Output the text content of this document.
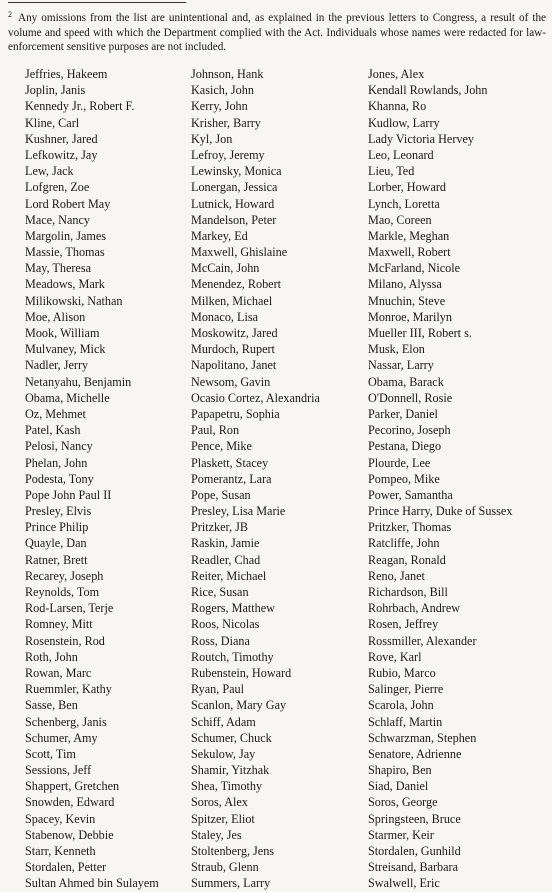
$^2$ Any omissions from the list are unintentional and, as explained in the previous letters to Congress, a result of the volume and speed with which the Department complied with the Act. Individuals whose names were redacted for law-enforcement sensitive purposes are not included.
Jeffries, Hakeem
Joplin, Janis
Kennedy Jr., Robert F.
Kline, Carl
Kushner, Jared
Lefkowitz, Jay
Lew, Jack
Lofgren, Zoe
Lord Robert May
Mace, Nancy
Margolin, James
Massie, Thomas
May, Theresa
Meadows, Mark
Milikowski, Nathan
Moe, Alison
Mook, William
Mulvaney, Mick
Nadler, Jerry
Netanyahu, Benjamin
Obama, Michelle
Oz, Mehmet
Patel, Kash
Pelosi, Nancy
Phelan, John
Podesta, Tony
Pope John Paul II
Presley, Elvis
Prince Philip
Quayle, Dan
Ratner, Brett
Recarey, Joseph
Reynolds, Tom
Rod-Larsen, Terje
Romney, Mitt
Rosenstein, Rod
Roth, John
Rowan, Marc
Ruemmler, Kathy
Sasse, Ben
Schenberg, Janis
Schumer, Amy
Scott, Tim
Sessions, Jeff
Shappert, Gretchen
Snowden, Edward
Spacey, Kevin
Stabenow, Debbie
Starr, Kenneth
Stordalen, Petter
Sultan Ahmed bin Sulayem
Johnson, Hank
Kasich, John
Kerry, John
Krisher, Barry
Kyl, Jon
Lefroy, Jeremy
Lewinsky, Monica
Lonergan, Jessica
Lutnick, Howard
Mandelson, Peter
Markey, Ed
Maxwell, Ghislaine
McCain, John
Menendez, Robert
Milken, Michael
Monaco, Lisa
Moskowitz, Jared
Murdoch, Rupert
Napolitano, Janet
Newsom, Gavin
Ocasio Cortez, Alexandria
Papapetru, Sophia
Paul, Ron
Pence, Mike
Plaskett, Stacey
Pomerantz, Lara
Pope, Susan
Presley, Lisa Marie
Pritzker, JB
Raskin, Jamie
Readler, Chad
Reiter, Michael
Rice, Susan
Rogers, Matthew
Roos, Nicolas
Ross, Diana
Routch, Timothy
Rubenstein, Howard
Ryan, Paul
Scanlon, Mary Gay
Schiff, Adam
Schumer, Chuck
Sekulow, Jay
Shamir, Yitzhak
Shea, Timothy
Soros, Alex
Spitzer, Eliot
Staley, Jes
Stoltenberg, Jens
Straub, Glenn
Summers, Larry
Jones, Alex
Kendall Rowlands, John
Khanna, Ro
Kudlow, Larry
Lady Victoria Hervey
Leo, Leonard
Lieu, Ted
Lorber, Howard
Lynch, Loretta
Mao, Coreen
Markle, Meghan
Maxwell, Robert
McFarland, Nicole
Milano, Alyssa
Mnuchin, Steve
Monroe, Marilyn
Mueller III, Robert s.
Musk, Elon
Nassar, Larry
Obama, Barack
O'Donnell, Rosie
Parker, Daniel
Pecorino, Joseph
Pestana, Diego
Plourde, Lee
Pompeo, Mike
Power, Samantha
Prince Harry, Duke of Sussex
Pritzker, Thomas
Ratcliffe, John
Reagan, Ronald
Reno, Janet
Richardson, Bill
Rohrbach, Andrew
Rosen, Jeffrey
Rossmiller, Alexander
Rove, Karl
Rubio, Marco
Salinger, Pierre
Scarola, John
Schlaff, Martin
Schwarzman, Stephen
Senatore, Adrienne
Shapiro, Ben
Siad, Daniel
Soros, George
Springsteen, Bruce
Starmer, Keir
Stordalen, Gunhild
Streisand, Barbara
Swalwell, Eric
